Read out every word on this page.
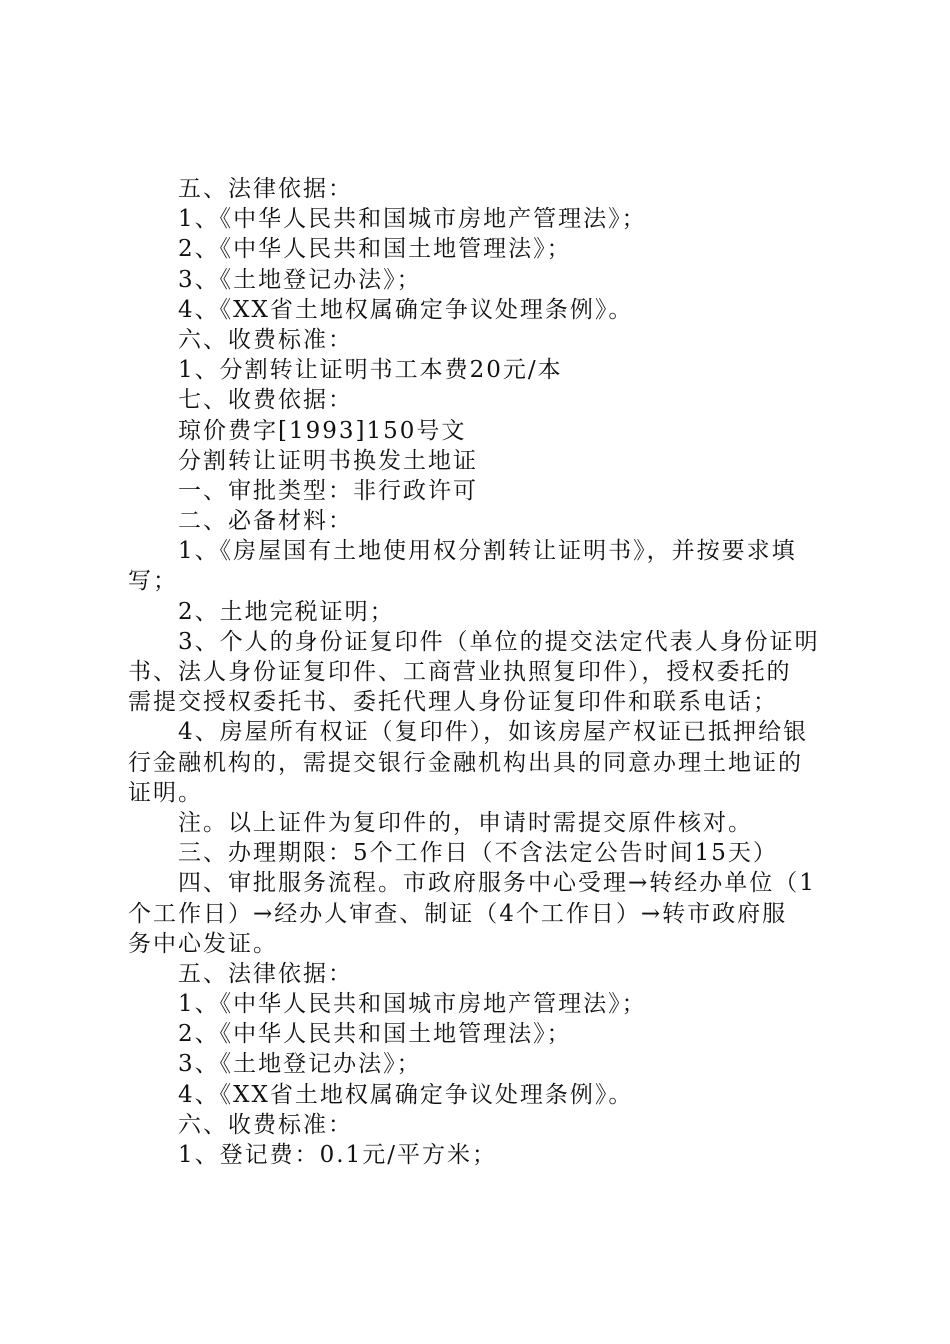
五、法律依据：
1、《中华人民共和国城市房地产管理法》；
2、《中华人民共和国土地管理法》；
3、《土地登记办法》；
4、《XX省土地权属确定争议处理条例》。
六、收费标准：
1、分割转让证明书工本费20元/本
七、收费依据：
琼价费字[1993]150号文
分割转让证明书换发土地证
一、审批类型：非行政许可
二、必备材料：
1、《房屋国有土地使用权分割转让证明书》，并按要求填
写；
2、土地完税证明；
3、个人的身份证复印件（单位的提交法定代表人身份证明
书、法人身份证复印件、工商营业执照复印件），授权委托的
需提交授权委托书、委托代理人身份证复印件和联系电话；
4、房屋所有权证（复印件），如该房屋产权证已抵押给银
行金融机构的，需提交银行金融机构出具的同意办理土地证的
证明。
注。以上证件为复印件的，申请时需提交原件核对。
三、办理期限：5个工作日（不含法定公告时间15天）
四、审批服务流程。市政府服务中心受理→转经办单位（1
个工作日）→经办人审查、制证（4个工作日）→转市政府服
务中心发证。
五、法律依据：
1、《中华人民共和国城市房地产管理法》；
2、《中华人民共和国土地管理法》；
3、《土地登记办法》；
4、《XX省土地权属确定争议处理条例》。
六、收费标准：
1、登记费：0.1元/平方米；
